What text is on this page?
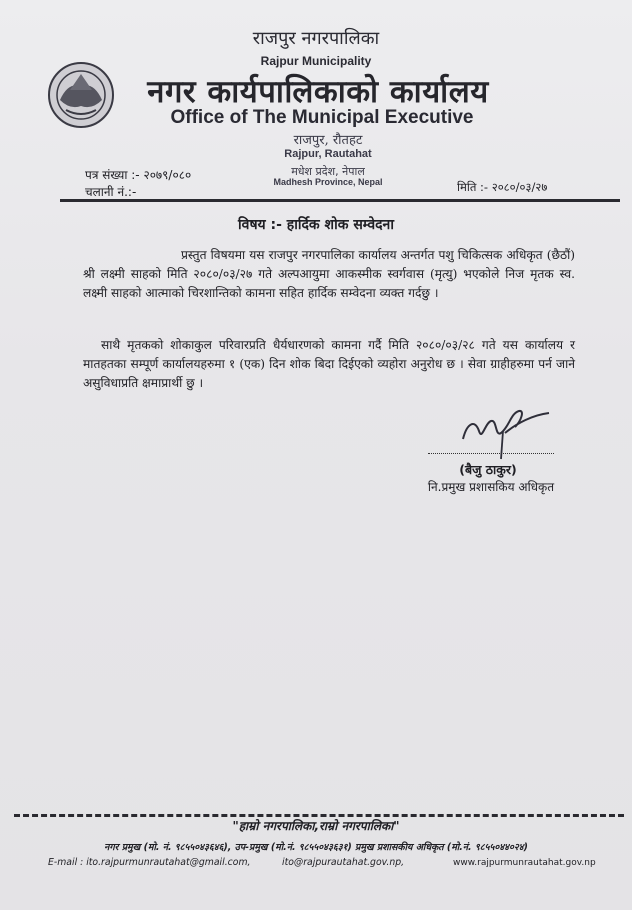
राजपुर नगरपालिका
Rajpur Municipality
नगर कार्यपालिकाको कार्यालय
Office of The Municipal Executive
राजपुर, रौतहट
Rajpur, Rautahat
मधेश प्रदेश, नेपाल
Madhesh Province, Nepal
पत्र संख्या :- २०७९/०८०
चलानी नं.:-	मिति :- २०८०/०३/२७
विषय :- हार्दिक शोक सम्वेदना
प्रस्तुत विषयमा यस राजपुर नगरपालिका कार्यालय अन्तर्गत पशु चिकित्सक अधिकृत (छैठौं) श्री लक्ष्मी साहको मिति २०८०/०३/२७ गते अल्पआयुमा आकस्मीक स्वर्गवास (मृत्यु) भएकोले निज मृतक स्व. लक्ष्मी साहको आत्माको चिरशान्तिको कामना सहित हार्दिक सम्वेदना व्यक्त गर्दछु ।
साथै मृतकको शोकाकुल परिवारप्रति धैर्यधारणको कामना गर्दै मिति २०८०/०३/२८ गते यस कार्यालय र मातहतका सम्पूर्ण कार्यालयहरुमा १ (एक) दिन शोक बिदा दिईएको व्यहोरा अनुरोध छ । सेवा ग्राहीहरुमा पर्न जाने असुविधाप्रति क्षमाप्रार्थी छु ।
(बैजु ठाकुर)
नि.प्रमुख प्रशासकिय अधिकृत
"हाम्रो नगरपालिका,राम्रो नगरपालिका"
नगर प्रमुख (मो. नं. ९८५५०४३६४६), उप-प्रमुख (मो.नं. ९८५५०४३६३१) प्रमुख प्रशासकीय अधिकृत (मो.नं. ९८५५०४४०२४)
E-mail : ito.rajpurmunrautahat@gmail.com,	ito@rajpurautahat.gov.np,	www.rajpurmunrautahat.gov.np
